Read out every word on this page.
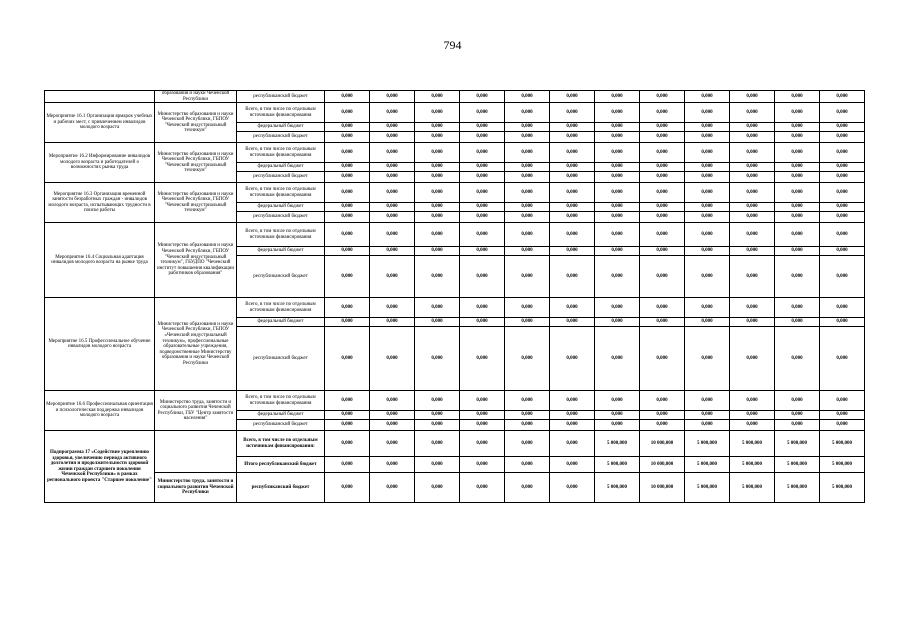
794
	образования и науки Чеченской Республики	республиканский бюджет	0,000	0,000	0,000	0,000	0,000	0,000	0,000	0,000	0,000	0,000	0,000	0,000
Мероприятие 16.1 Организация ярмарок учебных и рабочих мест, с привлечением инвалидов молодого возраста	Министерство образования и науки Чеченской Республики, ГБПОУ "Чеченский индустриальный техникум"	Всего, в том числе по отдельным источникам финансирования	0,000	0,000	0,000	0,000	0,000	0,000	0,000	0,000	0,000	0,000	0,000	0,000
		федеральный бюджет	0,000	0,000	0,000	0,000	0,000	0,000	0,000	0,000	0,000	0,000	0,000	0,000
		республиканский бюджет	0,000	0,000	0,000	0,000	0,000	0,000	0,000	0,000	0,000	0,000	0,000	0,000
Мероприятие 16.2 Информирование инвалидов молодого возраста и работодателей о возможностях рынка труда	Министерство образования и науки Чеченской Республики, ГБПОУ "Чеченский индустриальный техникум"	Всего, в том числе по отдельным источникам финансирования	0,000	0,000	0,000	0,000	0,000	0,000	0,000	0,000	0,000	0,000	0,000	0,000
		федеральный бюджет	0,000	0,000	0,000	0,000	0,000	0,000	0,000	0,000	0,000	0,000	0,000	0,000
		республиканский бюджет	0,000	0,000	0,000	0,000	0,000	0,000	0,000	0,000	0,000	0,000	0,000	0,000
Мероприятие 16.3 Организация временной занятости безработных граждан - инвалидов молодого возраста, испытывающих трудности в поиске работы	Министерство образования и науки Чеченской Республики, ГБПОУ "Чеченский индустриальный техникум"	Всего, в том числе по отдельным источникам финансирования	0,000	0,000	0,000	0,000	0,000	0,000	0,000	0,000	0,000	0,000	0,000	0,000
		федеральный бюджет	0,000	0,000	0,000	0,000	0,000	0,000	0,000	0,000	0,000	0,000	0,000	0,000
		республиканский бюджет	0,000	0,000	0,000	0,000	0,000	0,000	0,000	0,000	0,000	0,000	0,000	0,000
Мероприятие 16.4 Социальная адаптация инвалидов молодого возраста на рынке труда	Министерство образования и науки Чеченской Республики, ГБПОУ "Чеченский индустриальный техникум", ГБУДПО "Чеченский институт повышения квалификации работников образования"	Всего, в том числе по отдельным источникам финансирования	0,000	0,000	0,000	0,000	0,000	0,000	0,000	0,000	0,000	0,000	0,000	0,000
		федеральный бюджет	0,000	0,000	0,000	0,000	0,000	0,000	0,000	0,000	0,000	0,000	0,000	0,000
		республиканский бюджет	0,000	0,000	0,000	0,000	0,000	0,000	0,000	0,000	0,000	0,000	0,000	0,000
Мероприятие 16.5 Профессиональное обучение инвалидов молодого возраста	Министерство образования и науки Чеченской Республики, ГБПОУ «Чеченский индустриальный техникум», профессиональные образовательные учреждения, подведомственные Министерству образования и науки Чеченской Республики	Всего, в том числе по отдельным источникам финансирования	0,000	0,000	0,000	0,000	0,000	0,000	0,000	0,000	0,000	0,000	0,000	0,000
		федеральный бюджет	0,000	0,000	0,000	0,000	0,000	0,000	0,000	0,000	0,000	0,000	0,000	0,000
		республиканский бюджет	0,000	0,000	0,000	0,000	0,000	0,000	0,000	0,000	0,000	0,000	0,000	0,000
Мероприятие 16.6 Профессиональная ориентация и психологическая поддержка инвалидов молодого возраста	Министерство труда, занятости и социального развития Чеченской Республики, ГБУ "Центр занятости населения"	Всего, в том числе по отдельным источникам финансирования	0,000	0,000	0,000	0,000	0,000	0,000	0,000	0,000	0,000	0,000	0,000	0,000
		федеральный бюджет	0,000	0,000	0,000	0,000	0,000	0,000	0,000	0,000	0,000	0,000	0,000	0,000
		республиканский бюджет	0,000	0,000	0,000	0,000	0,000	0,000	0,000	0,000	0,000	0,000	0,000	0,000
Подпрограмма 17 «Содействие укреплению здоровья, увеличению периода активного долголетия и продолжительности здоровой жизни граждан старшего поколения Чеченской Республики» в рамках регионального проекта "Старшее поколение"		Всего, в том числе по отдельным источникам финансирования:	0,000	0,000	0,000	0,000	0,000	0,000	5 000,000	10 000,000	5 000,000	5 000,000	5 000,000	5 000,000
		Итого республиканский бюджет	0,000	0,000	0,000	0,000	0,000	0,000	5 000,000	10 000,000	5 000,000	5 000,000	5 000,000	5 000,000
	Министерство труда, занятости и социального развития Чеченской Республики	республиканский бюджет	0,000	0,000	0,000	0,000	0,000	0,000	5 000,000	10 000,000	5 000,000	5 000,000	5 000,000	5 000,000
